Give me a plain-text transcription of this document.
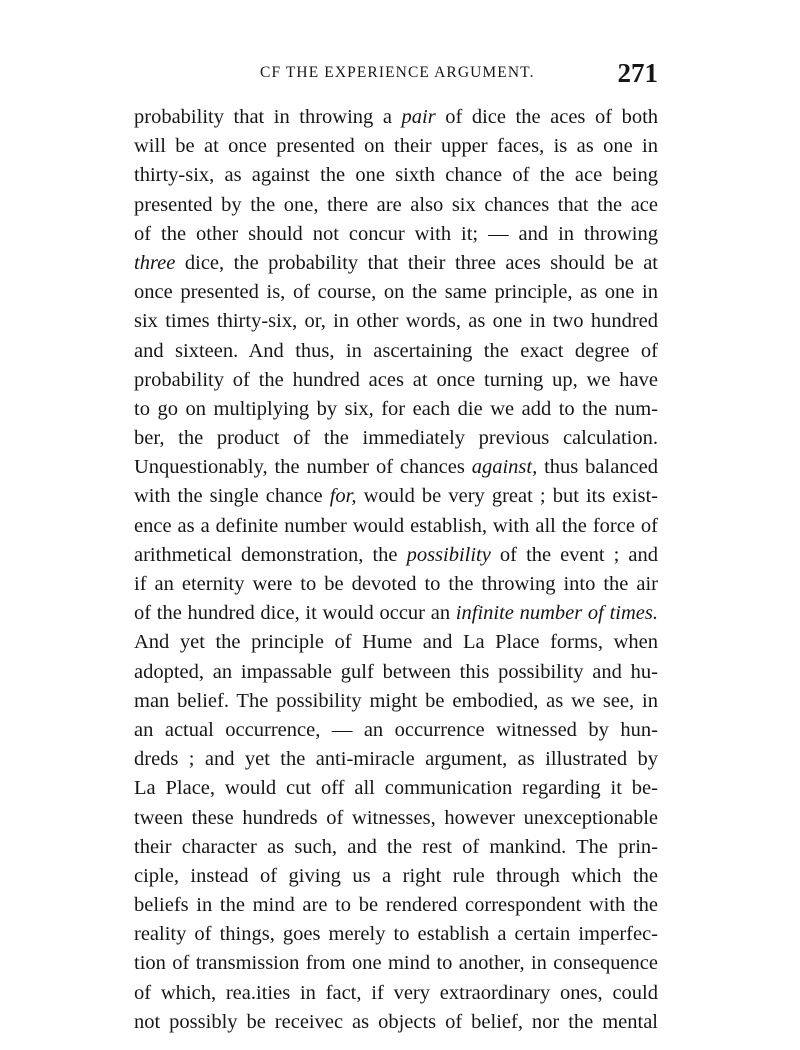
CF THE EXPERIENCE ARGUMENT.	271
probability that in throwing a pair of dice the aces of both
will be at once presented on their upper faces, is as one in
thirty-six, as against the one sixth chance of the ace being
presented by the one, there are also six chances that the ace
of the other should not concur with it; — and in throwing
three dice, the probability that their three aces should be at
once presented is, of course, on the same principle, as one in
six times thirty-six, or, in other words, as one in two hundred
and sixteen. And thus, in ascertaining the exact degree of
probability of the hundred aces at once turning up, we have
to go on multiplying by six, for each die we add to the num-
ber, the product of the immediately previous calculation.
Unquestionably, the number of chances against, thus balanced
with the single chance for, would be very great ; but its exist-
ence as a definite number would establish, with all the force of
arithmetical demonstration, the possibility of the event ; and
if an eternity were to be devoted to the throwing into the air
of the hundred dice, it would occur an infinite number of times.
And yet the principle of Hume and La Place forms, when
adopted, an impassable gulf between this possibility and hu-
man belief. The possibility might be embodied, as we see, in
an actual occurrence, — an occurrence witnessed by hun-
dreds ; and yet the anti-miracle argument, as illustrated by
La Place, would cut off all communication regarding it be-
tween these hundreds of witnesses, however unexceptionable
their character as such, and the rest of mankind. The prin-
ciple, instead of giving us a right rule through which the
beliefs in the mind are to be rendered correspondent with the
reality of things, goes merely to establish a certain imperfec-
tion of transmission from one mind to another, in consequence
of which, rea.ities in fact, if very extraordinary ones, could
not possibly be receivec as objects of belief, nor the mental
